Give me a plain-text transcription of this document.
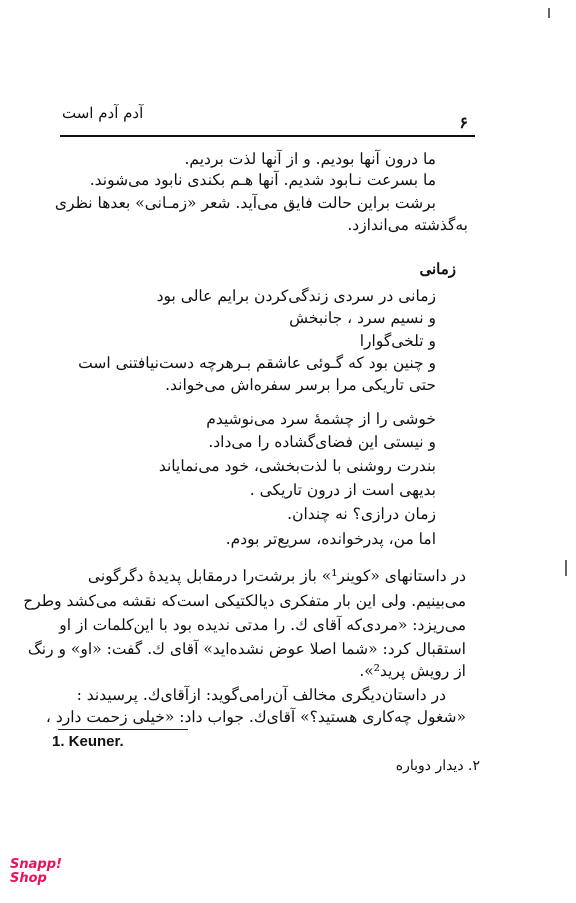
آدم آدم است	۶
ما درون آنها بودیم. و از آنها لذت بردیم.
ما بسرعت نـابود شدیم. آنها هـم بکندی نابود می‌شوند.
برشت براین حالت فایق می‌آید. شعر «زمـانی» بعدها نظری
به‌گذشته می‌اندازد.
زمانی
زمانی در سردی زندگی‌کردن برایم عالی بود
و نسیم سرد ، جانبخش
و تلخی‌گوارا
و چنین بود که گـوئی عاشقم بـرهرچه دست‌نیافتنی است
حتی تاریکی مرا برسر سفره‌اش می‌خواند.
خوشی را از چشمهٔ سرد می‌نوشیدم
و نیستی این فضای‌گشاده را می‌داد.
بندرت روشنی با لذت‌بخشی، خود می‌نمایاند
بدیهی است از درون تاریکی .
زمان درازی؟ نه چندان.
اما من، پدرخوانده، سریع‌تر بودم.
در داستانهای «کوینر¹» باز برشت‌را درمقابل پدیدهٔ دگرگونی
می‌بینیم. ولی این بار متفکری دیالکتیکی است‌که نقشه می‌کشد وطرح
می‌ریزد: «مردی‌که آقای ك. را مدتی ندیده بود با این‌کلمات از او
استقبال کرد: «شما اصلا عوض نشده‌اید» آقای ك. گفت: «او» و رنگ
از رویش پرید²».
در داستان‌دیگری مخالف آن‌رامی‌گوید: ازآقای‌ك. پرسیدند :
«شغول چه‌کاری هستید؟» آقای‌ك. جواب داد: «خیلی زحمت دارد ،
1. Keuner.
۲. دیدار دوباره
Snapp!
Shop
